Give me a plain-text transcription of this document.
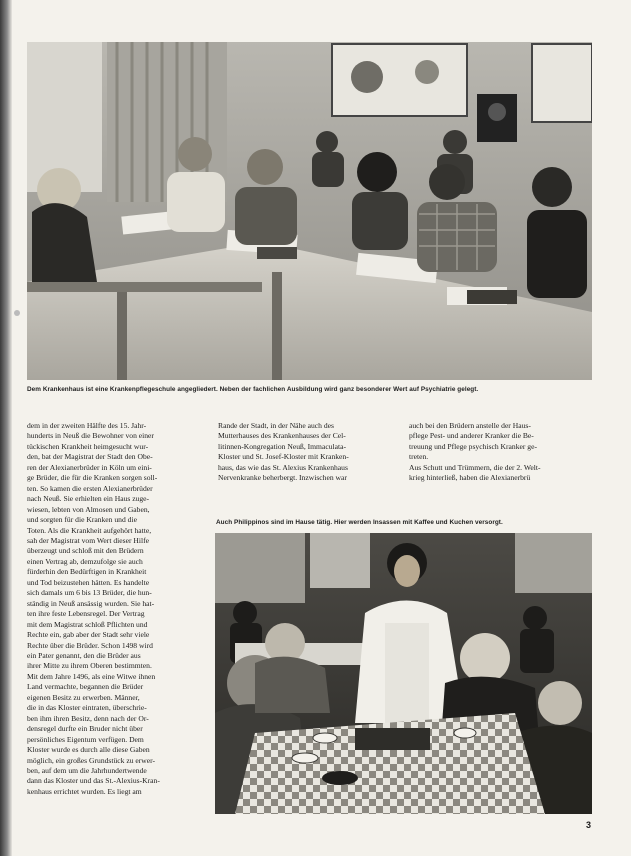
Dem Krankenhaus ist eine Krankenpflegeschule angegliedert. Neben der fachlichen Ausbildung wird ganz besonderer Wert auf Psychiatrie gelegt.
dem in der zweiten Hälfte des 15. Jahr-
hunderts in Neuß die Bewohner von einer
tückischen Krankheit heimgesucht wur-
den, bat der Magistrat der Stadt den Obe-
ren der Alexianerbrüder in Köln um eini-
ge Brüder, die für die Kranken sorgen soll-
ten. So kamen die ersten Alexianerbrüder
nach Neuß. Sie erhielten ein Haus zuge-
wiesen, lebten von Almosen und Gaben,
und sorgten für die Kranken und die
Toten. Als die Krankheit aufgehört hatte,
sah der Magistrat vom Wert dieser Hilfe
überzeugt und schloß mit den Brüdern
einen Vertrag ab, demzufolge sie auch
fürderhin den Bedürftigen in Krankheit
und Tod beizustehen hätten. Es handelte
sich damals um 6 bis 13 Brüder, die hun-
ständig in Neuß ansässig wurden. Sie hat-
ten ihre feste Lebensregel. Der Vertrag
mit dem Magistrat schloß Pflichten und
Rechte ein, gab aber der Stadt sehr viele
Rechte über die Brüder. Schon 1498 wird
ein Pater genannt, den die Brüder aus
ihrer Mitte zu ihrem Oberen bestimmten.
Mit dem Jahre 1496, als eine Witwe ihnen
Land vermachte, begannen die Brüder
eigenen Besitz zu erwerben. Männer,
die in das Kloster eintraten, überschrie-
ben ihm ihren Besitz, denn nach der Or-
densregel durfte ein Bruder nicht über
persönliches Eigentum verfügen. Dem
Kloster wurde es durch alle diese Gaben
möglich, ein großes Grundstück zu erwer-
ben, auf dem um die Jahrhundertwende
dann das Kloster und das St.-Alexius-Kran-
kenhaus errichtet wurden. Es liegt am
Rande der Stadt, in der Nähe auch des
Mutterhauses des Krankenhauses der Cel-
litinnen-Kongregation Neuß, Immaculata-
Kloster und St. Josef-Kloster mit Kranken-
haus, das wie das St. Alexius Krankenhaus
Nervenkranke beherbergt. Inzwischen war
auch bei den Brüdern anstelle der Haus-
pflege Pest- und anderer Kranker die Be-
treuung und Pflege psychisch Kranker ge-
treten.
Aus Schutt und Trümmern, die der 2. Welt-
krieg hinterließ, haben die Alexianerbrü
Auch Philippinos sind im Hause tätig. Hier werden Insassen mit Kaffee und Kuchen versorgt.
3
